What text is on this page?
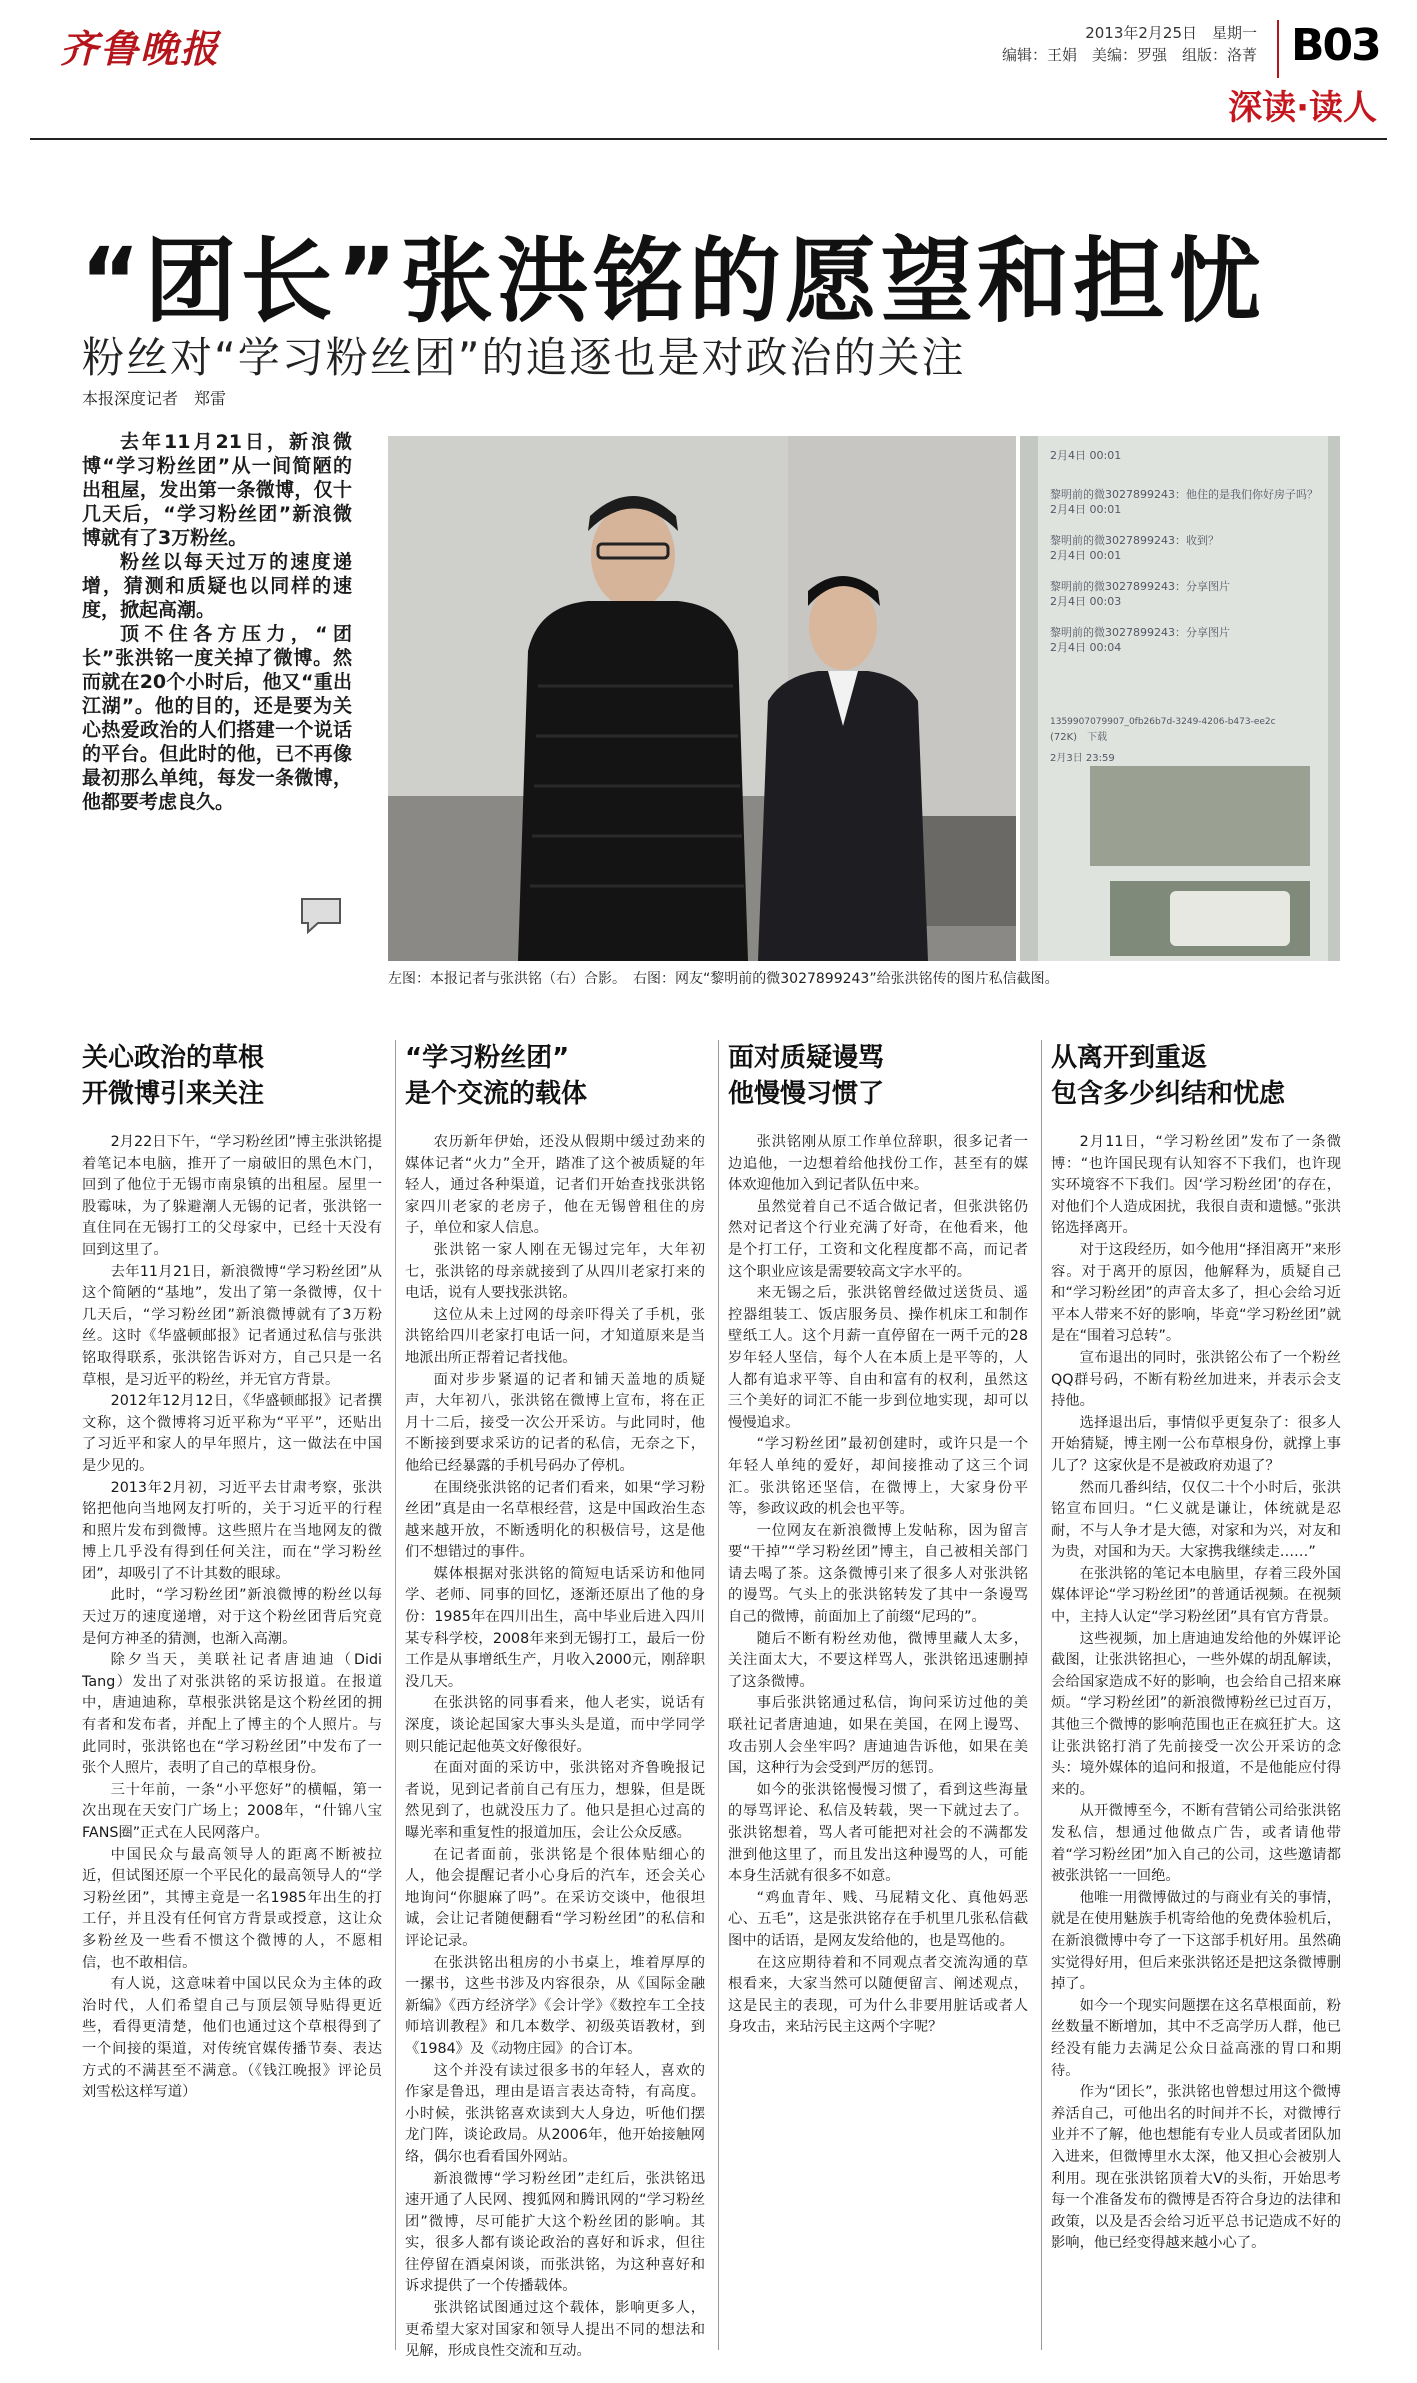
齐鲁晚报	2013年2月25日　星期一
编辑：王娟　美编：罗强　组版：洛菁 B03
深读·读人
“团长”张洪铭的愿望和担忧
粉丝对“学习粉丝团”的追逐也是对政治的关注
本报深度记者　郑雷

去年11月21日，新浪微博“学习粉丝团”从一间简陋的出租屋，发出第一条微博，仅十几天后，“学习粉丝团”新浪微博就有了3万粉丝。

粉丝以每天过万的速度递增，猜测和质疑也以同样的速度，掀起高潮。

顶不住各方压力，“团长”张洪铭一度关掉了微博。然而就在20个小时后，他又“重出江湖”。他的目的，还是要为关心热爱政治的人们搭建一个说话的平台。但此时的他，已不再像最初那么单纯，每发一条微博，他都要考虑良久。

2月4日 00:01
黎明前的微3027899243：他住的是我们你好房子吗？
2月4日 00:01
黎明前的微3027899243：收到？
2月4日 00:01
黎明前的微3027899243：分享图片
2月4日 00:03
黎明前的微3027899243：分享图片
2月4日 00:04
1359907079907_0fb26b7d-3249-4206-b473-ee2c
(72K)　下载
2月3日 23:59
左图：本报记者与张洪铭（右）合影。　右图：网友“黎明前的微3027899243”给张洪铭传的图片私信截图。
关心政治的草根
开微博引来关注

2月22日下午，“学习粉丝团”博主张洪铭提着笔记本电脑，推开了一扇破旧的黑色木门，回到了他位于无锡市南泉镇的出租屋。屋里一股霉味，为了躲避潮人无锡的记者，张洪铭一直住同在无锡打工的父母家中，已经十天没有回到这里了。

去年11月21日，新浪微博“学习粉丝团”从这个简陋的“基地”，发出了第一条微博，仅十几天后，“学习粉丝团”新浪微博就有了3万粉丝。这时《华盛顿邮报》记者通过私信与张洪铭取得联系，张洪铭告诉对方，自己只是一名草根，是习近平的粉丝，并无官方背景。

2012年12月12日，《华盛顿邮报》记者撰文称，这个微博将习近平称为“平平”，还贴出了习近平和家人的早年照片，这一做法在中国是少见的。

2013年2月初，习近平去甘肃考察，张洪铭把他向当地网友打听的，关于习近平的行程和照片发布到微博。这些照片在当地网友的微博上几乎没有得到任何关注，而在“学习粉丝团”，却吸引了不计其数的眼球。

此时，“学习粉丝团”新浪微博的粉丝以每天过万的速度递增，对于这个粉丝团背后究竟是何方神圣的猜测，也渐入高潮。

除夕当天，美联社记者唐迪迪（Didi Tang）发出了对张洪铭的采访报道。在报道中，唐迪迪称，草根张洪铭是这个粉丝团的拥有者和发布者，并配上了博主的个人照片。与此同时，张洪铭也在“学习粉丝团”中发布了一张个人照片，表明了自己的草根身份。

三十年前，一条“小平您好”的横幅，第一次出现在天安门广场上；2008年，“什锦八宝FANS圈”正式在人民网落户。

中国民众与最高领导人的距离不断被拉近，但试图还原一个平民化的最高领导人的“学习粉丝团”，其博主竟是一名1985年出生的打工仔，并且没有任何官方背景或授意，这让众多粉丝及一些看不惯这个微博的人，不愿相信，也不敢相信。

有人说，这意味着中国以民众为主体的政治时代，人们希望自己与顶层领导贴得更近些，看得更清楚，他们也通过这个草根得到了一个间接的渠道，对传统官媒传播节奏、表达方式的不满甚至不满意。（《钱江晚报》评论员刘雪松这样写道）

“学习粉丝团”
是个交流的载体

农历新年伊始，还没从假期中缓过劲来的媒体记者“火力”全开，踏准了这个被质疑的年轻人，通过各种渠道，记者们开始查找张洪铭家四川老家的老房子，他在无锡曾租住的房子，单位和家人信息。

张洪铭一家人刚在无锡过完年，大年初七，张洪铭的母亲就接到了从四川老家打来的电话，说有人要找张洪铭。

这位从未上过网的母亲吓得关了手机，张洪铭给四川老家打电话一问，才知道原来是当地派出所正帮着记者找他。

面对步步紧逼的记者和铺天盖地的质疑声，大年初八，张洪铭在微博上宣布，将在正月十二后，接受一次公开采访。与此同时，他不断接到要求采访的记者的私信，无奈之下，他给已经暴露的手机号码办了停机。

在围绕张洪铭的记者们看来，如果“学习粉丝团”真是由一名草根经营，这是中国政治生态越来越开放，不断透明化的积极信号，这是他们不想错过的事件。

媒体根据对张洪铭的简短电话采访和他同学、老师、同事的回忆，逐渐还原出了他的身份：1985年在四川出生，高中毕业后进入四川某专科学校，2008年来到无锡打工，最后一份工作是从事增纸生产，月收入2000元，刚辞职没几天。

在张洪铭的同事看来，他人老实，说话有深度，谈论起国家大事头头是道，而中学同学则只能记起他英文好像很好。

在面对面的采访中，张洪铭对齐鲁晚报记者说，见到记者前自己有压力，想躲，但是既然见到了，也就没压力了。他只是担心过高的曝光率和重复性的报道加压，会让公众反感。

在记者面前，张洪铭是个很体贴细心的人，他会提醒记者小心身后的汽车，还会关心地询问“你腿麻了吗”。在采访交谈中，他很坦诚，会让记者随便翻看“学习粉丝团”的私信和评论记录。

在张洪铭出租房的小书桌上，堆着厚厚的一摞书，这些书涉及内容很杂，从《国际金融新编》《西方经济学》《会计学》《数控车工全技师培训教程》和几本数学、初级英语教材，到《1984》及《动物庄园》的合订本。

这个并没有读过很多书的年轻人，喜欢的作家是鲁迅，理由是语言表达奇特，有高度。小时候，张洪铭喜欢读到大人身边，听他们摆龙门阵，谈论政局。从2006年，他开始接触网络，偶尔也看看国外网站。

新浪微博“学习粉丝团”走红后，张洪铭迅速开通了人民网、搜狐网和腾讯网的“学习粉丝团”微博，尽可能扩大这个粉丝团的影响。其实，很多人都有谈论政治的喜好和诉求，但往往停留在酒桌闲谈，而张洪铭，为这种喜好和诉求提供了一个传播载体。

张洪铭试图通过这个载体，影响更多人，更希望大家对国家和领导人提出不同的想法和见解，形成良性交流和互动。

面对质疑谩骂
他慢慢习惯了

张洪铭刚从原工作单位辞职，很多记者一边追他，一边想着给他找份工作，甚至有的媒体欢迎他加入到记者队伍中来。

虽然觉着自己不适合做记者，但张洪铭仍然对记者这个行业充满了好奇，在他看来，他是个打工仔，工资和文化程度都不高，而记者这个职业应该是需要较高文字水平的。

来无锡之后，张洪铭曾经做过送货员、遥控器组装工、饭店服务员、操作机床工和制作壁纸工人。这个月薪一直停留在一两千元的28岁年轻人坚信，每个人在本质上是平等的，人人都有追求平等、自由和富有的权利，虽然这三个美好的词汇不能一步到位地实现，却可以慢慢追求。

“学习粉丝团”最初创建时，或许只是一个年轻人单纯的爱好，却间接推动了这三个词汇。张洪铭还坚信，在微博上，大家身份平等，参政议政的机会也平等。

一位网友在新浪微博上发帖称，因为留言要“干掉”“学习粉丝团”博主，自己被相关部门请去喝了茶。这条微博引来了很多人对张洪铭的谩骂。气头上的张洪铭转发了其中一条谩骂自己的微博，前面加上了前缀“尼玛的”。

随后不断有粉丝劝他，微博里藏人太多，关注面太大，不要这样骂人，张洪铭迅速删掉了这条微博。

事后张洪铭通过私信，询问采访过他的美联社记者唐迪迪，如果在美国，在网上谩骂、攻击别人会坐牢吗？唐迪迪告诉他，如果在美国，这种行为会受到严厉的惩罚。

如今的张洪铭慢慢习惯了，看到这些海量的辱骂评论、私信及转载，哭一下就过去了。张洪铭想着，骂人者可能把对社会的不满都发泄到他这里了，而且发出这种谩骂的人，可能本身生活就有很多不如意。

“鸡血青年、贱、马屁精文化、真他妈恶心、五毛”，这是张洪铭存在手机里几张私信截图中的话语，是网友发给他的，也是骂他的。

在这应期待着和不同观点者交流沟通的草根看来，大家当然可以随便留言、阐述观点，这是民主的表现，可为什么非要用脏话或者人身攻击，来玷污民主这两个字呢？

从离开到重返
包含多少纠结和忧虑

2月11日，“学习粉丝团”发布了一条微博：“也许国民现有认知容不下我们，也许现实环境容不下我们。因‘学习粉丝团’的存在，对他们个人造成困扰，我很自责和遗憾。”张洪铭选择离开。

对于这段经历，如今他用“择泪离开”来形容。对于离开的原因，他解释为，质疑自己和“学习粉丝团”的声音太多了，担心会给习近平本人带来不好的影响，毕竟“学习粉丝团”就是在“围着习总转”。

宣布退出的同时，张洪铭公布了一个粉丝QQ群号码，不断有粉丝加进来，并表示会支持他。

选择退出后，事情似乎更复杂了：很多人开始猜疑，博主刚一公布草根身份，就撑上事儿了？这家伙是不是被政府劝退了？

然而几番纠结，仅仅二十个小时后，张洪铭宣布回归。“仁义就是谦让，体统就是忍耐，不与人争才是大德，对家和为兴，对友和为贵，对国和为天。大家携我继续走……”

在张洪铭的笔记本电脑里，存着三段外国媒体评论“学习粉丝团”的普通话视频。在视频中，主持人认定“学习粉丝团”具有官方背景。

这些视频，加上唐迪迪发给他的外媒评论截图，让张洪铭担心，一些外媒的胡乱解读，会给国家造成不好的影响，也会给自己招来麻烦。“学习粉丝团”的新浪微博粉丝已过百万，其他三个微博的影响范围也正在疯狂扩大。这让张洪铭打消了先前接受一次公开采访的念头：境外媒体的追问和报道，不是他能应付得来的。

从开微博至今，不断有营销公司给张洪铭发私信，想通过他做点广告，或者请他带着“学习粉丝团”加入自己的公司，这些邀请都被张洪铭一一回绝。

他唯一用微博做过的与商业有关的事情，就是在使用魅族手机寄给他的免费体验机后，在新浪微博中夸了一下这部手机好用。虽然确实觉得好用，但后来张洪铭还是把这条微博删掉了。

如今一个现实问题摆在这名草根面前，粉丝数量不断增加，其中不乏高学历人群，他已经没有能力去满足公众日益高涨的胃口和期待。

作为“团长”，张洪铭也曾想过用这个微博养活自己，可他出名的时间并不长，对微博行业并不了解，他也想能有专业人员或者团队加入进来，但微博里水太深，他又担心会被别人利用。现在张洪铭顶着大V的头衔，开始思考每一个准备发布的微博是否符合身边的法律和政策，以及是否会给习近平总书记造成不好的影响，他已经变得越来越小心了。
